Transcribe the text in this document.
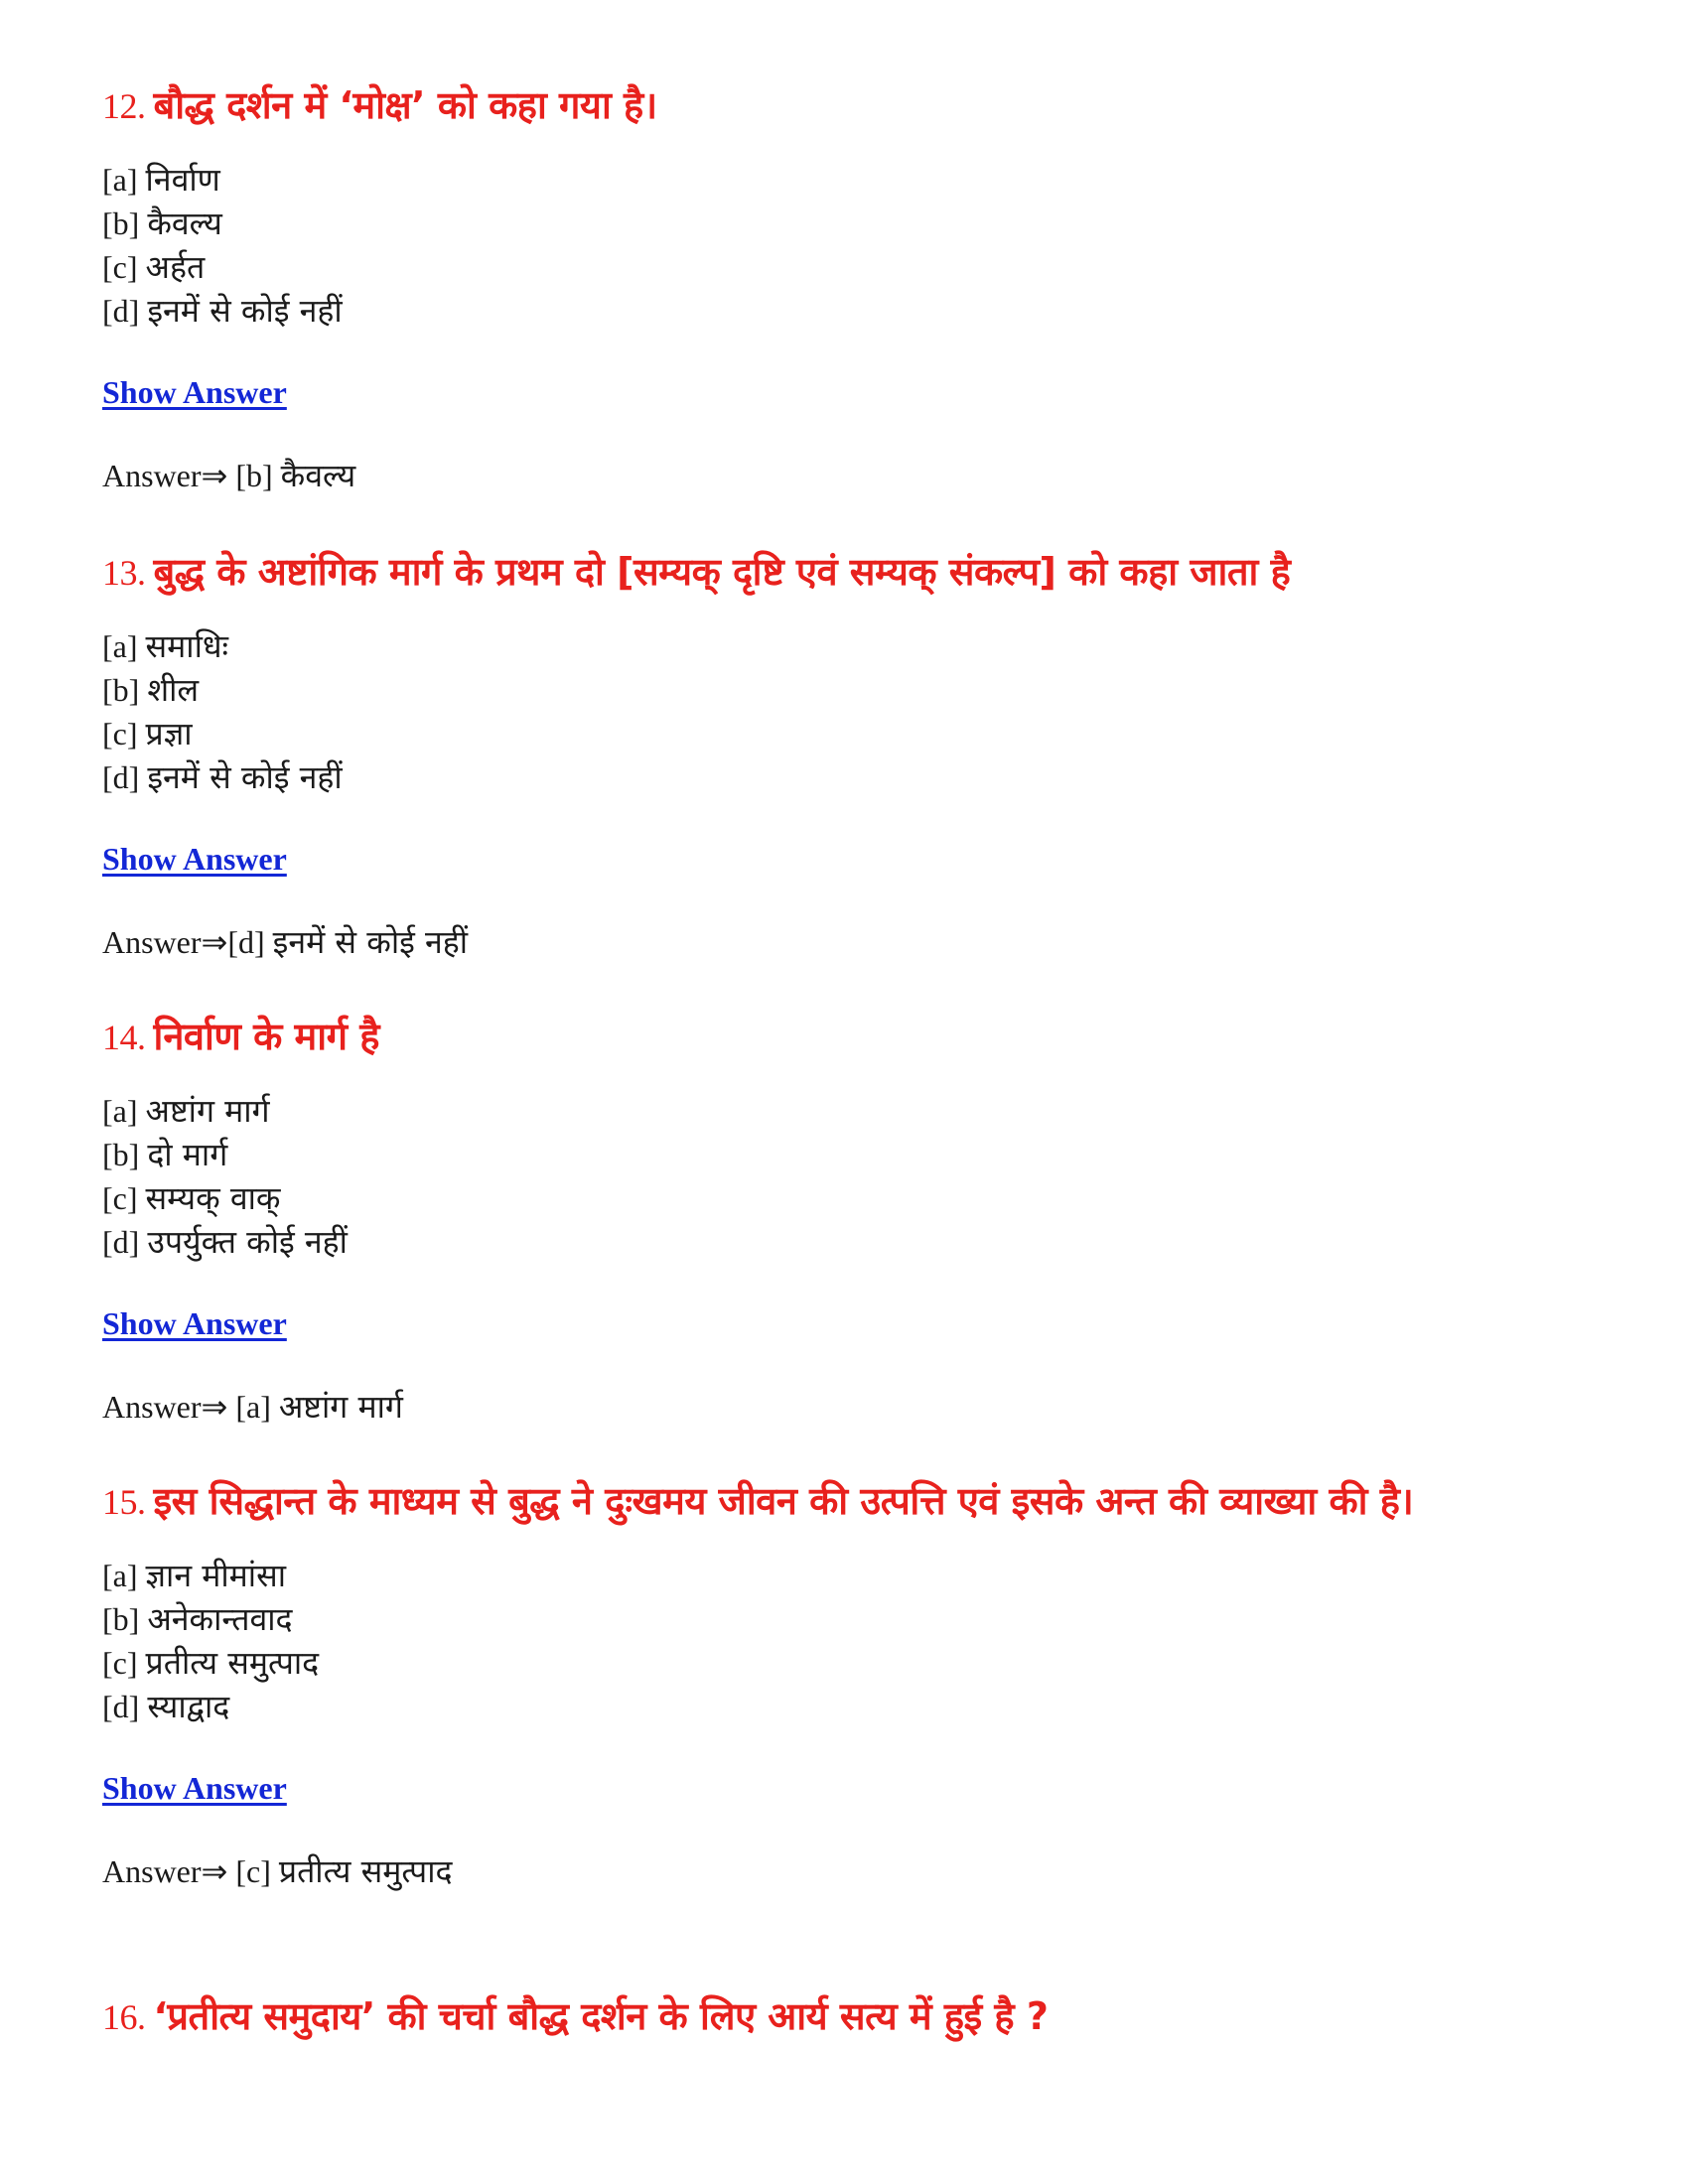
12. बौद्ध दर्शन में ‘मोक्ष’ को कहा गया है।
[a] निर्वाण
[b] कैवल्य
[c] अर्हत
[d] इनमें से कोई नहीं
Show Answer
Answer⇒ [b] कैवल्य
13. बुद्ध के अष्टांगिक मार्ग के प्रथम दो [सम्यक् दृष्टि एवं सम्यक् संकल्प] को कहा जाता है
[a] समाधिः
[b] शील
[c] प्रज्ञा
[d] इनमें से कोई नहीं
Show Answer
Answer⇒[d] इनमें से कोई नहीं
14. निर्वाण के मार्ग है
[a] अष्टांग मार्ग
[b] दो मार्ग
[c] सम्यक् वाक्
[d] उपर्युक्त कोई नहीं
Show Answer
Answer⇒ [a] अष्टांग मार्ग
15. इस सिद्धान्त के माध्यम से बुद्ध ने दुःखमय जीवन की उत्पत्ति एवं इसके अन्त की व्याख्या की है।
[a] ज्ञान मीमांसा
[b] अनेकान्तवाद
[c] प्रतीत्य समुत्पाद
[d] स्याद्वाद
Show Answer
Answer⇒ [c] प्रतीत्य समुत्पाद
16. ‘प्रतीत्य समुदाय’ की चर्चा बौद्ध दर्शन के लिए आर्य सत्य में हुई है ?
